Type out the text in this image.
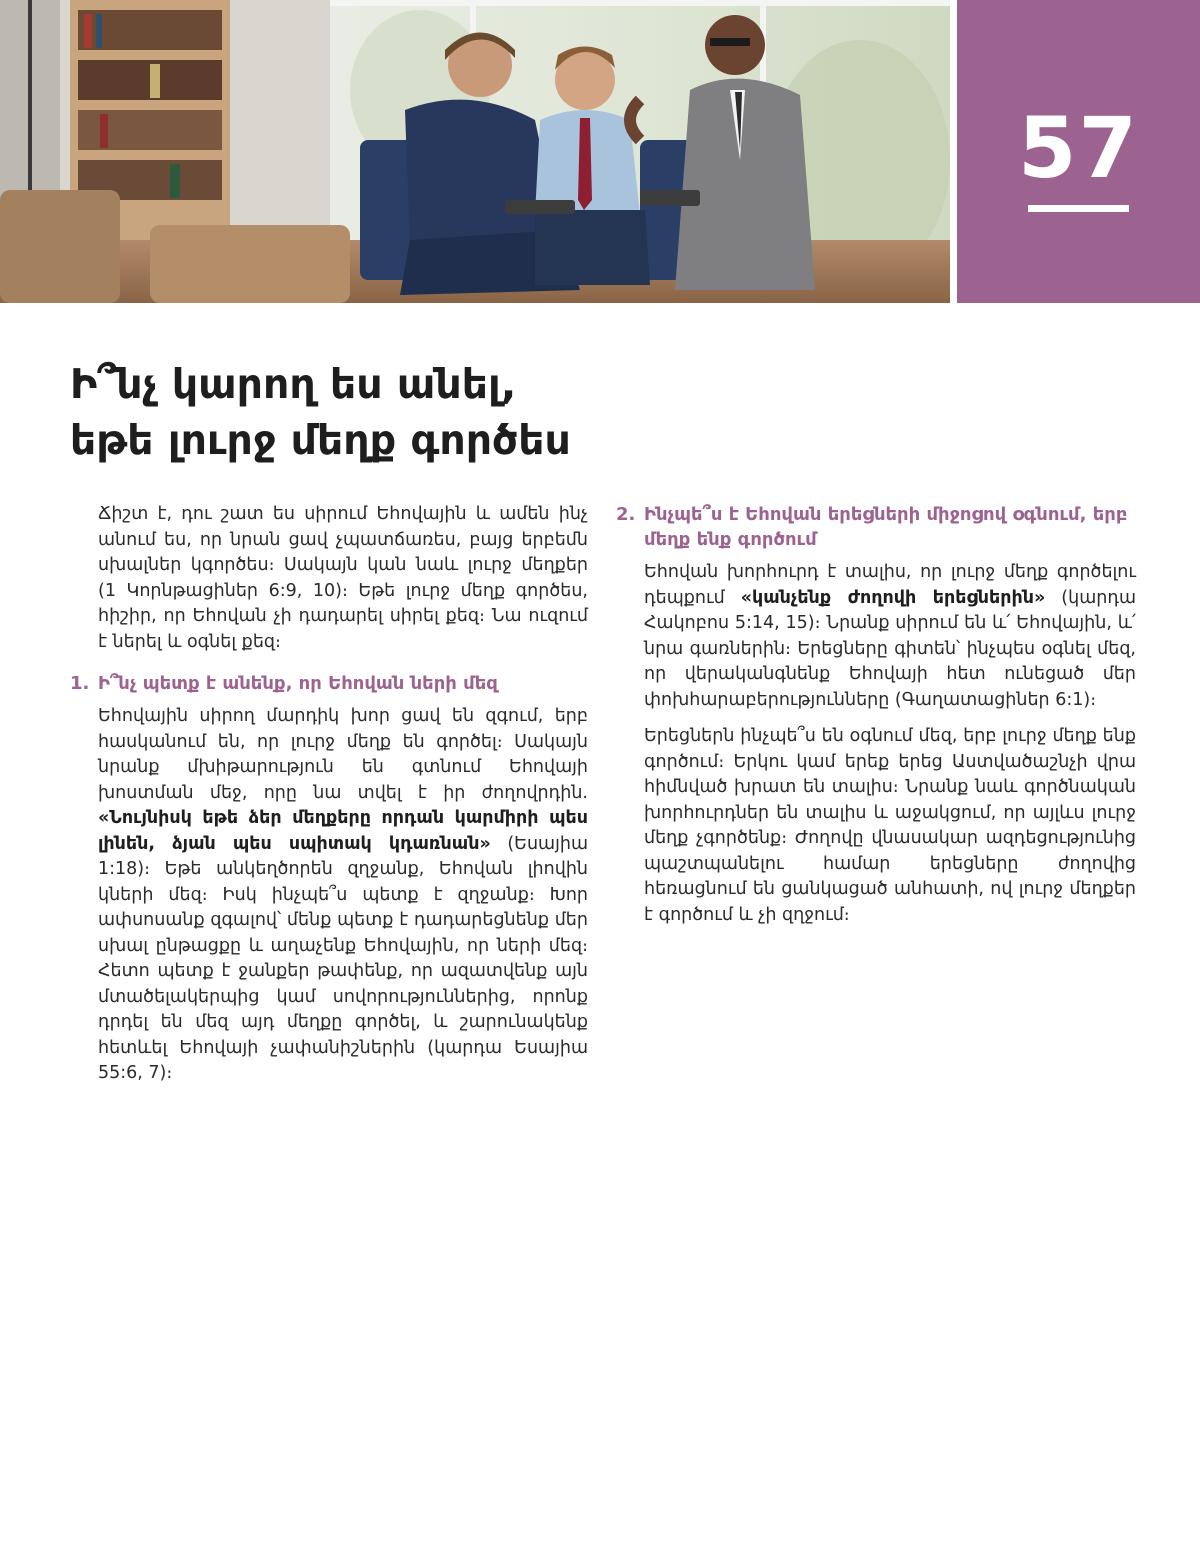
57
Ի՞նչ կարող ես անել,
եթե լուրջ մեղք գործես

Ճիշտ է, դու շատ ես սիրում Եհովային և ամեն ինչ անում ես, որ նրան ցավ չպատճառես, բայց երբեմն սխալներ կգործես։ Սակայն կան նաև լուրջ մեղքեր (1 Կորնթացիներ 6:9, 10)։ Եթե լուրջ մեղք գործես, հիշիր, որ Եհովան չի դադարել սիրել քեզ։ Նա ուզում է ներել և օգնել քեզ։

1. Ի՞նչ պետք է անենք, որ Եհովան ների մեզ

Եհովային սիրող մարդիկ խոր ցավ են զգում, երբ հասկանում են, որ լուրջ մեղք են գործել։ Սակայն նրանք մխիթարություն են գտնում Եհովայի խոստման մեջ, որը նա տվել է իր ժողովրդին. «Նույնիսկ եթե ձեր մեղքերը որդան կարմիրի պես լինեն, ձյան պես սպիտակ կդառնան» (Եսայիա 1:18)։ Եթե անկեղծորեն զղջանք, Եհովան լիովին կների մեզ։ Իսկ ինչպե՞ս պետք է զղջանք։ Խոր ափսոսանք զգալով՝ մենք պետք է դադարեցնենք մեր սխալ ընթացքը և աղաչենք Եհովային, որ ների մեզ։ Հետո պետք է ջանքեր թափենք, որ ազատվենք այն մտածելակերպից կամ սովորություններից, որոնք դրդել են մեզ այդ մեղքը գործել, և շարունակենք հետևել Եհովայի չափանիշներին (կարդա Եսայիա 55:6, 7)։

2. Ինչպե՞ս է Եհովան երեցների միջոցով օգնում, երբ մեղք ենք գործում

Եհովան խորհուրդ է տալիս, որ լուրջ մեղք գործելու դեպքում «կանչենք ժողովի երեցներին» (կարդա Հակոբոս 5:14, 15)։ Նրանք սիրում են և՛ Եհովային, և՛ նրա գառներին։ Երեցները գիտեն՝ ինչպես օգնել մեզ, որ վերականգնենք Եհովայի հետ ունեցած մեր փոխհարաբերությունները (Գաղատացիներ 6:1)։

Երեցներն ինչպե՞ս են օգնում մեզ, երբ լուրջ մեղք ենք գործում։ Երկու կամ երեք երեց Աստվածաշնչի վրա հիմնված խրատ են տալիս։ Նրանք նաև գործնական խորհուրդներ են տալիս և աջակցում, որ այլևս լուրջ մեղք չգործենք։ Ժողովը վնասակար ազդեցությունից պաշտպանելու համար երեցները ժողովից հեռացնում են ցանկացած անհատի, ով լուրջ մեղքեր է գործում և չի զղջում։
